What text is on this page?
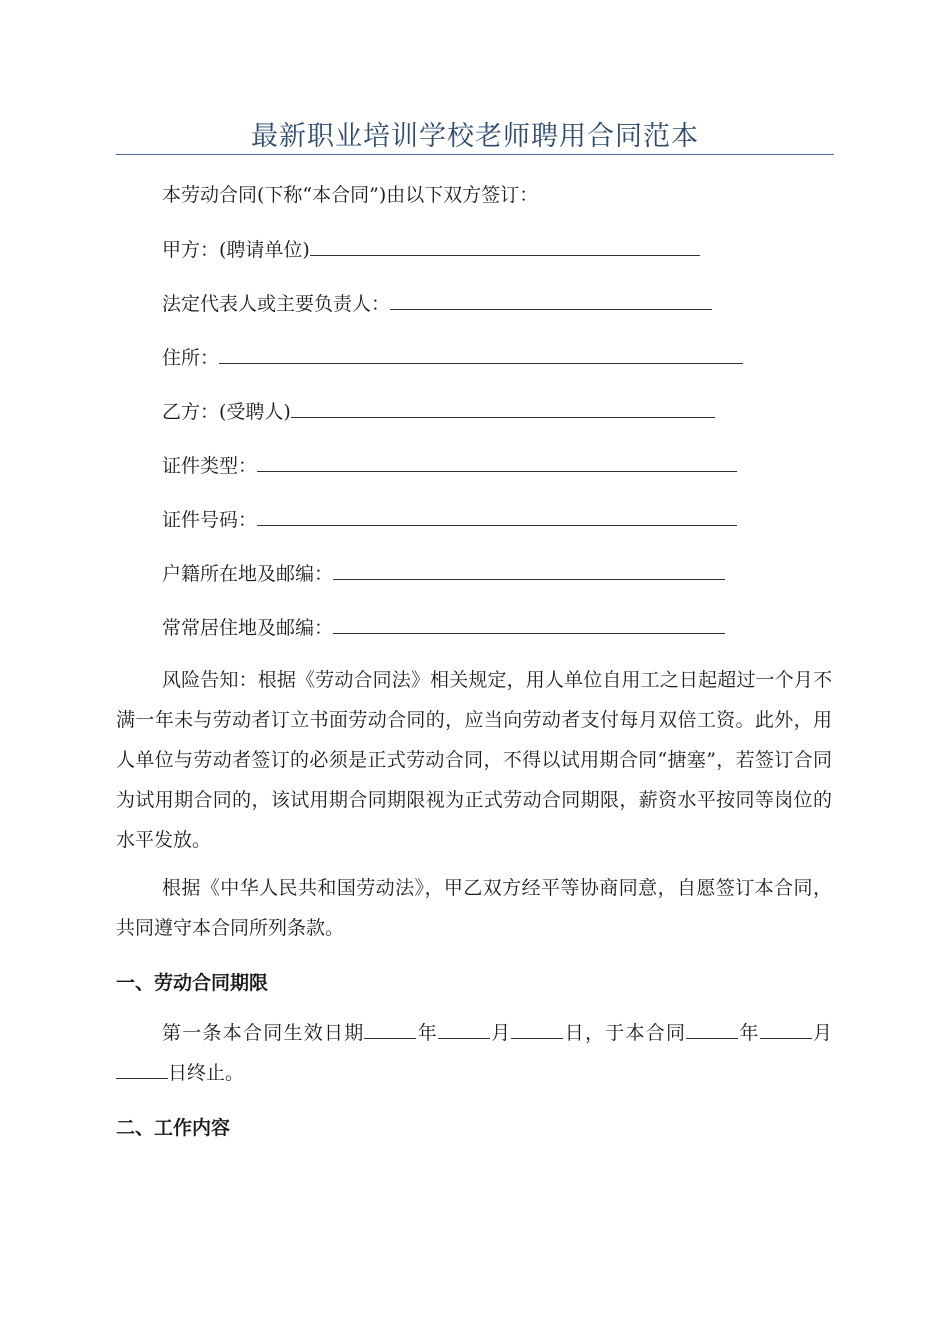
最新职业培训学校老师聘用合同范本
本劳动合同(下称“本合同”)由以下双方签订：
甲方：(聘请单位)
法定代表人或主要负责人：
住所：
乙方：(受聘人)
证件类型：
证件号码：
户籍所在地及邮编：
常常居住地及邮编：
风险告知：根据《劳动合同法》相关规定，用人单位自用工之日起超过一个月不满一年未与劳动者订立书面劳动合同的，应当向劳动者支付每月双倍工资。此外，用人单位与劳动者签订的必须是正式劳动合同，不得以试用期合同“搪塞”，若签订合同为试用期合同的，该试用期合同期限视为正式劳动合同期限，薪资水平按同等岗位的水平发放。
根据《中华人民共和国劳动法》，甲乙双方经平等协商同意，自愿签订本合同，共同遵守本合同所列条款。
一、劳动合同期限
第一条本合同生效日期	年	月	日，于本合同	年	月日终止。
二、工作内容
